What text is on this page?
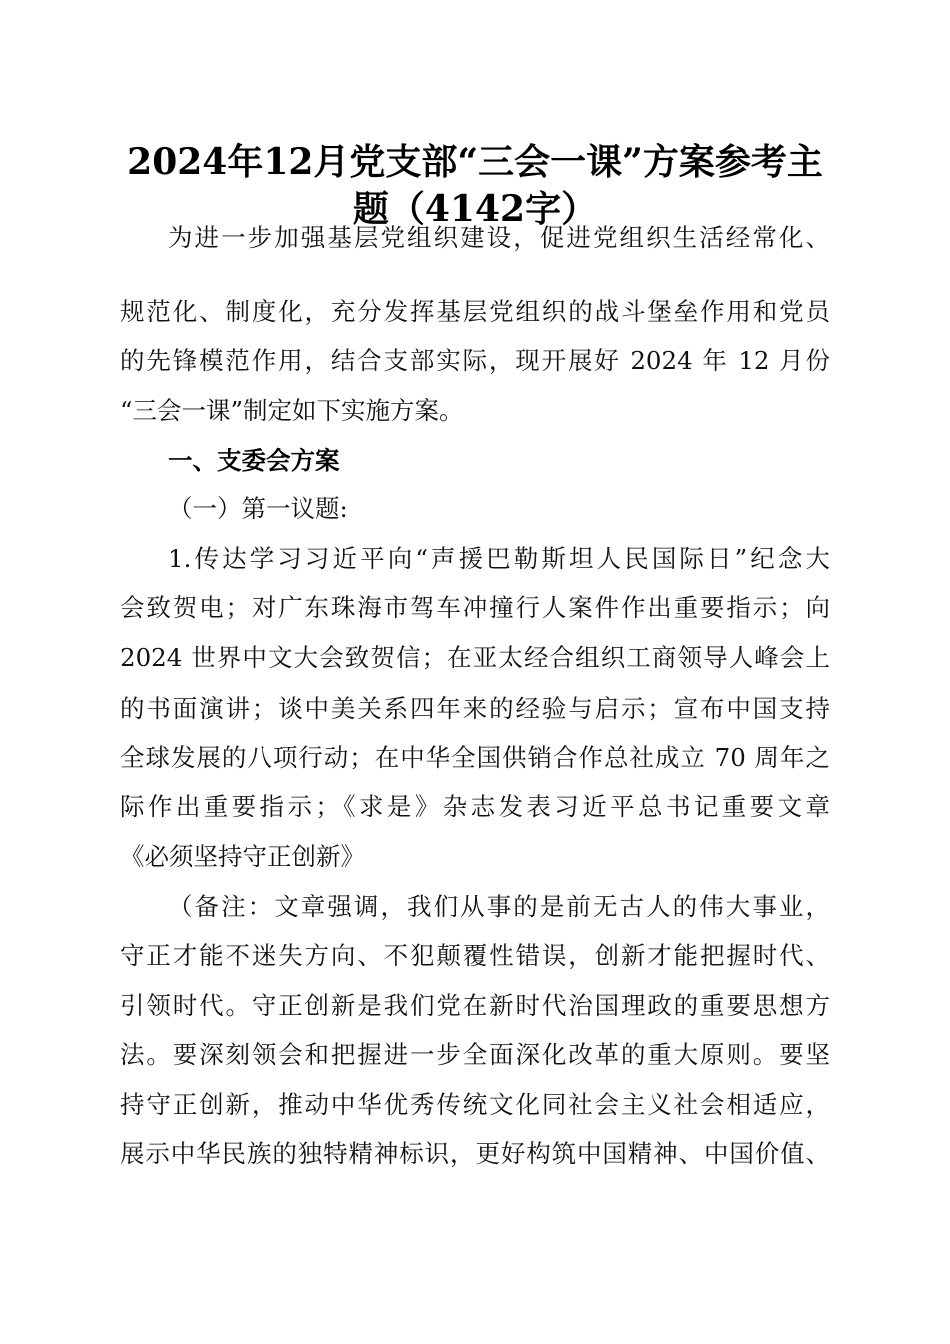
2024年12月党支部“三会一课”方案参考主
题（4142字）
为进一步加强基层党组织建设，促进党组织生活经常化、
规范化、制度化，充分发挥基层党组织的战斗堡垒作用和党员
的先锋模范作用，结合支部实际，现开展好 2024 年 12 月份
“三会一课”制定如下实施方案。
一、支委会方案
（一）第一议题:
1.传达学习习近平向“声援巴勒斯坦人民国际日”纪念大
会致贺电；对广东珠海市驾车冲撞行人案件作出重要指示；向
2024 世界中文大会致贺信；在亚太经合组织工商领导人峰会上
的书面演讲；谈中美关系四年来的经验与启示；宣布中国支持
全球发展的八项行动；在中华全国供销合作总社成立 70 周年之
际作出重要指示；《求是》杂志发表习近平总书记重要文章
《必须坚持守正创新》
（备注：文章强调，我们从事的是前无古人的伟大事业，
守正才能不迷失方向、不犯颠覆性错误，创新才能把握时代、
引领时代。守正创新是我们党在新时代治国理政的重要思想方
法。要深刻领会和把握进一步全面深化改革的重大原则。要坚
持守正创新，推动中华优秀传统文化同社会主义社会相适应，
展示中华民族的独特精神标识，更好构筑中国精神、中国价值、
